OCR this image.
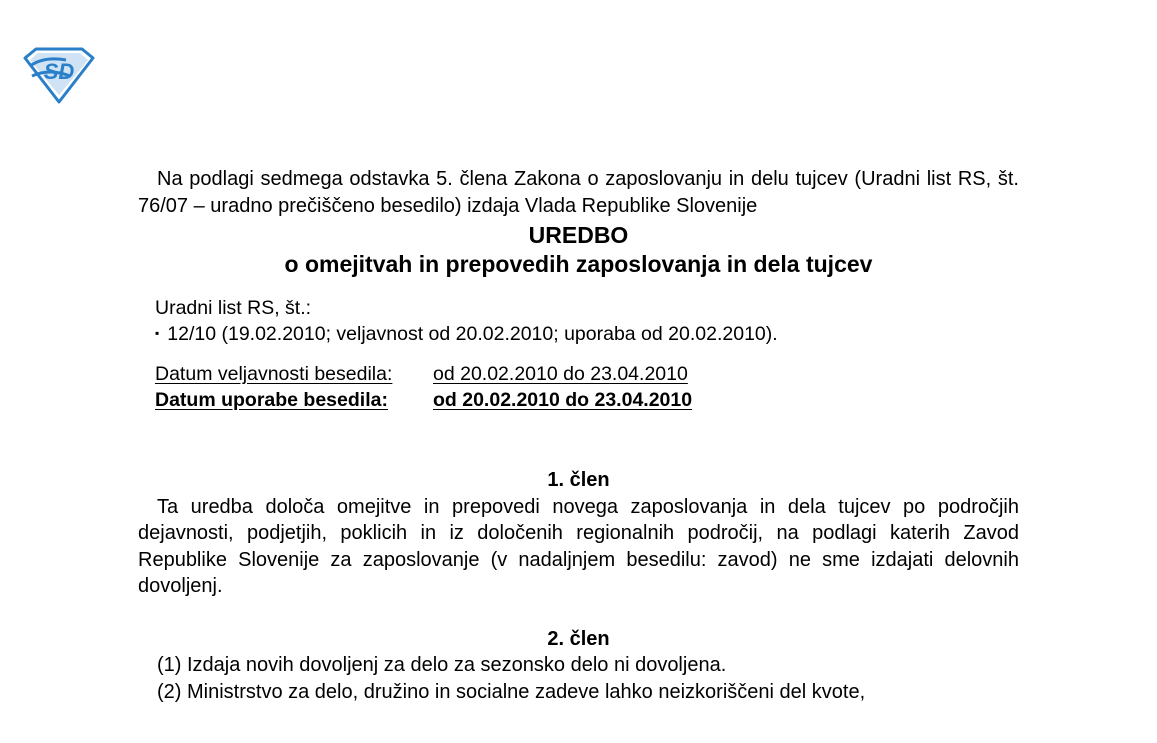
SD

Na podlagi sedmega odstavka 5. člena Zakona o zaposlovanju in delu tujcev (Uradni list RS, št. 76/07 – uradno prečiščeno besedilo) izdaja Vlada Republike Slovenije

UREDBO

o omejitvah in prepovedih zaposlovanja in dela tujcev

Uradni list RS, št.:

▪ 12/10 (19.02.2010; veljavnost od 20.02.2010; uporaba od 20.02.2010).
Datum veljavnosti besedila:	od 20.02.2010 do 23.04.2010
Datum uporabe besedila:	od 20.02.2010 do 23.04.2010

1. člen

Ta uredba določa omejitve in prepovedi novega zaposlovanja in dela tujcev po področjih dejavnosti, podjetjih, poklicih in iz določenih regionalnih področij, na podlagi katerih Zavod Republike Slovenije za zaposlovanje (v nadaljnjem besedilu: zavod) ne sme izdajati delovnih dovoljenj.

2. člen

(1) Izdaja novih dovoljenj za delo za sezonsko delo ni dovoljena.

(2) Ministrstvo za delo, družino in socialne zadeve lahko neizkoriščeni del kvote,
